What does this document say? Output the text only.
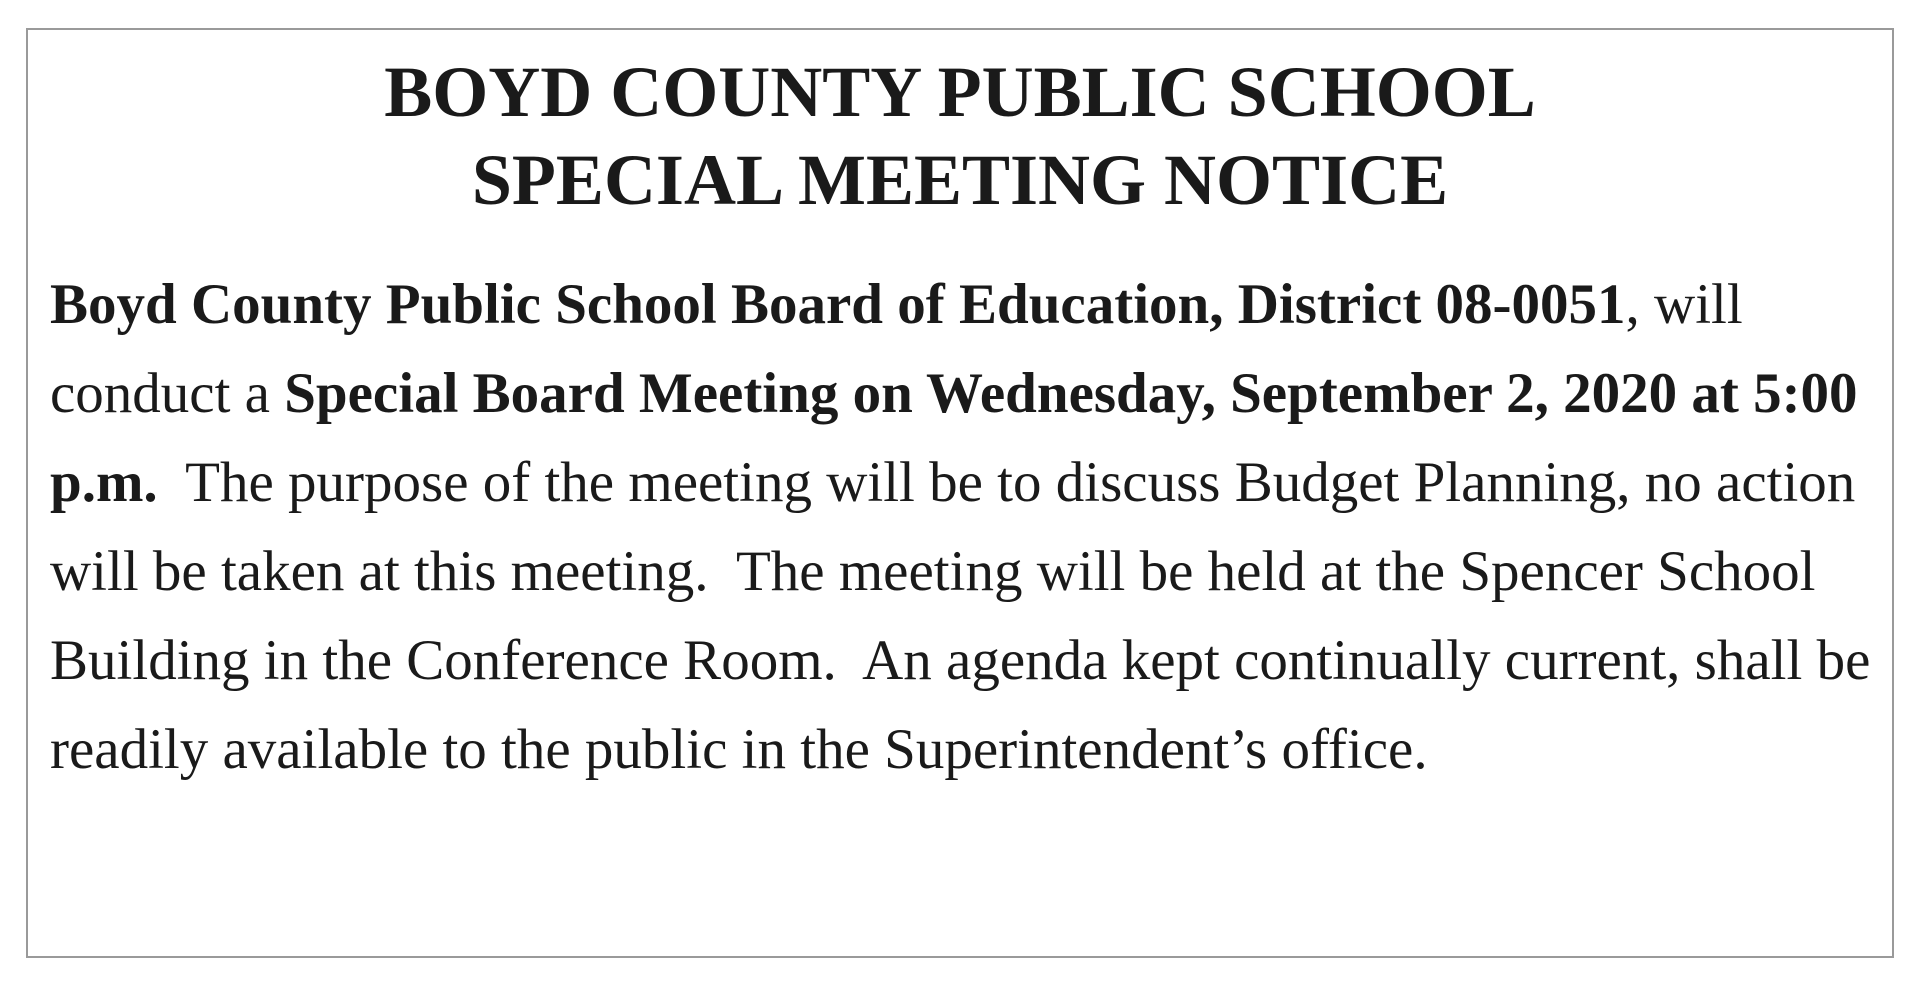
BOYD COUNTY PUBLIC SCHOOL
SPECIAL MEETING NOTICE

Boyd County Public School Board of Education, District 08-0051, will conduct a Special Board Meeting on Wednesday, September 2, 2020 at 5:00 p.m.  The purpose of the meeting will be to discuss Budget Planning, no action will be taken at this meeting.  The meeting will be held at the Spencer School Building in the Conference Room.  An agenda kept continually current, shall be readily available to the public in the Superintendent’s office.
